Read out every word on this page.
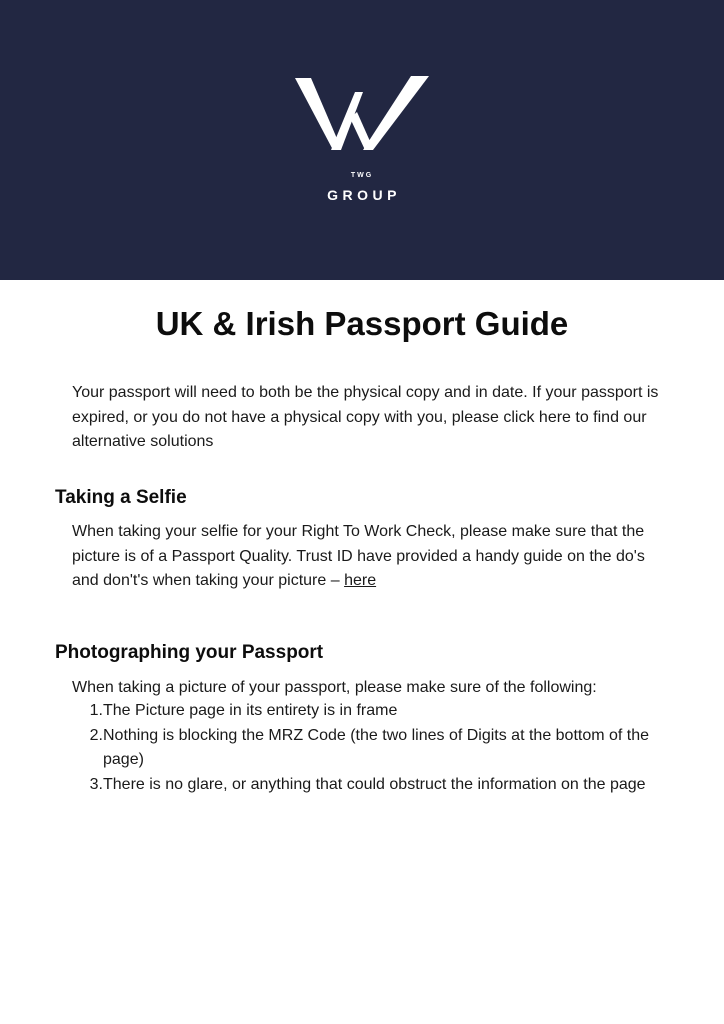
TWG
GROUP
UK & Irish Passport Guide

Your passport will need to both be the physical copy and in date. If your passport is expired, or you do not have a physical copy with you, please click here to find our alternative solutions

Taking a Selfie

When taking your selfie for your Right To Work Check, please make sure that the picture is of a Passport Quality. Trust ID have provided a handy guide on the do's and don't's when taking your picture – here

Photographing your Passport

When taking a picture of your passport, please make sure of the following:

1. The Picture page in its entirety is in frame
2. Nothing is blocking the MRZ Code (the two lines of Digits at the bottom of the page)
3. There is no glare, or anything that could obstruct the information on the page
